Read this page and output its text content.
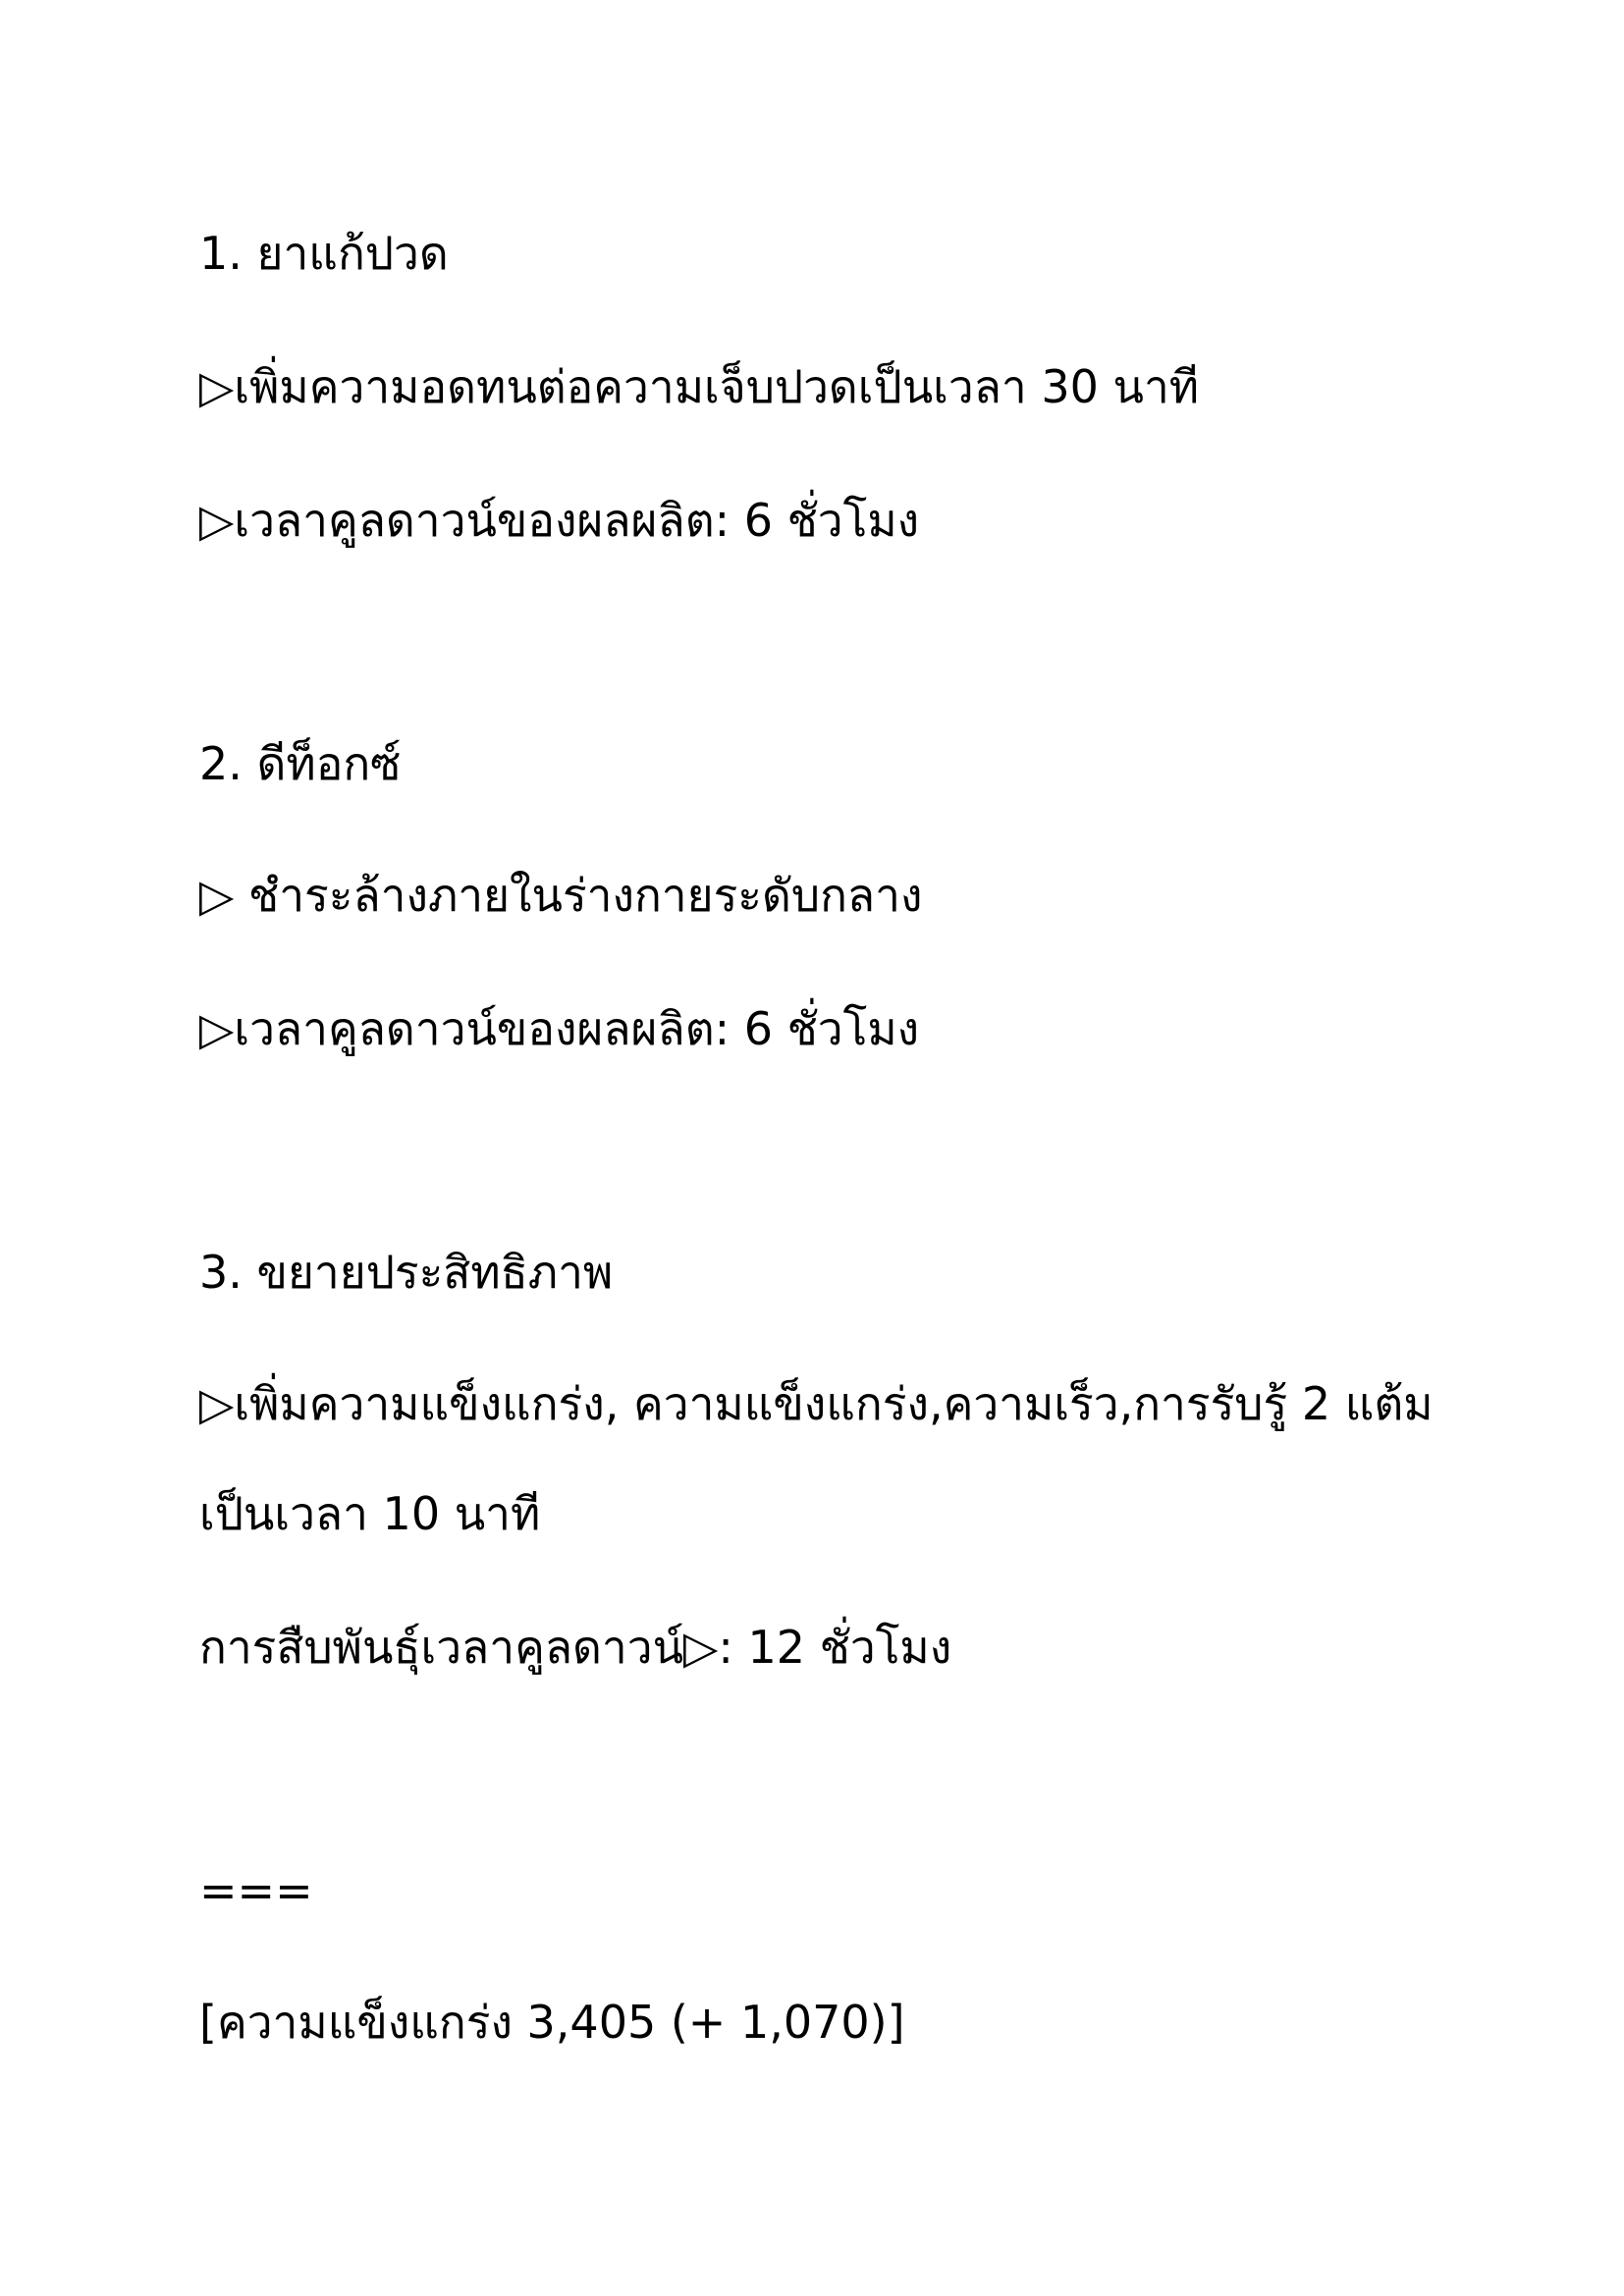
1. ยาแก้ปวด

▷เพิ่มความอดทนต่อความเจ็บปวดเป็นเวลา 30 นาที

▷เวลาคูลดาวน์ของผลผลิต: 6 ชั่วโมง

2. ดีท็อกซ์

▷ ชำระล้างภายในร่างกายระดับกลาง

▷เวลาคูลดาวน์ของผลผลิต: 6 ชั่วโมง

3. ขยายประสิทธิภาพ

▷เพิ่มความแข็งแกร่ง, ความแข็งแกร่ง,ความเร็ว,การรับรู้ 2 แต้ม

เป็นเวลา 10 นาที

การสืบพันธุ์เวลาคูลดาวน์▷: 12 ชั่วโมง

===

[ความแข็งแกร่ง 3,405 (+ 1,070)]
